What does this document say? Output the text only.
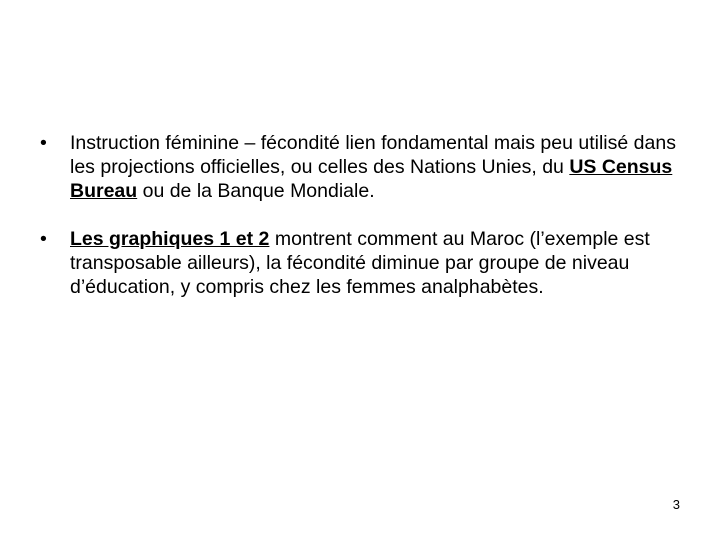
• Instruction féminine – fécondité lien fondamental mais peu utilisé dans les projections officielles, ou celles des Nations Unies, du US Census Bureau ou de la Banque Mondiale.
• Les graphiques 1 et 2 montrent comment au Maroc (l’exemple est transposable ailleurs), la fécondité diminue par groupe de niveau d’éducation, y compris chez les femmes analphabètes.
3
